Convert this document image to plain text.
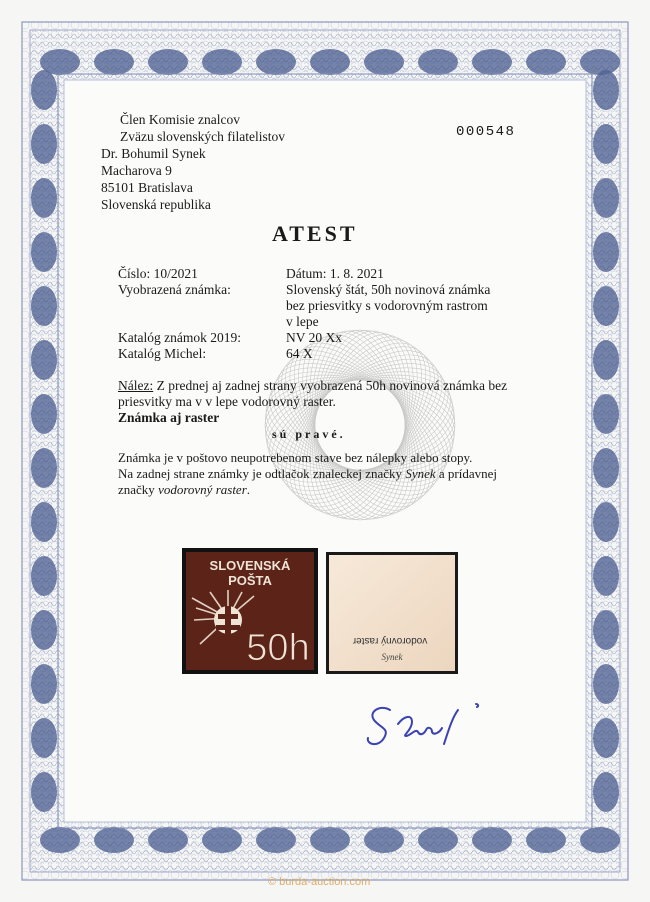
Člen Komisie znalcov
Zväzu slovenských filatelistov	000548
Dr. Bohumil Synek
Macharova 9
85101 Bratislava
Slovenská republika
ATEST
Číslo: 10/2021	Dátum: 1. 8. 2021
Vyobrazená známka:	Slovenský štát, 50h novinová známka
bez priesvitky s vodorovným rastrom
v lepe
Katalóg známok 2019:	NV 20 Xx
Katalóg Michel:	64 X
Nález: Z prednej aj zadnej strany vyobrazená 50h novinová známka bez
priesvitky ma v v lepe vodorovný raster.
Známka aj raster
sú pravé.
Známka je v poštovo neupotrebenom stave bez nálepky alebo stopy.
Na zadnej strane známky je odtlačok znaleckej značky Synek a prídavnej
značky vodorovný raster.
SLOVENSKÁ
POŠTA
50h	vodorovný raster
Synek
© burda-auction.com
